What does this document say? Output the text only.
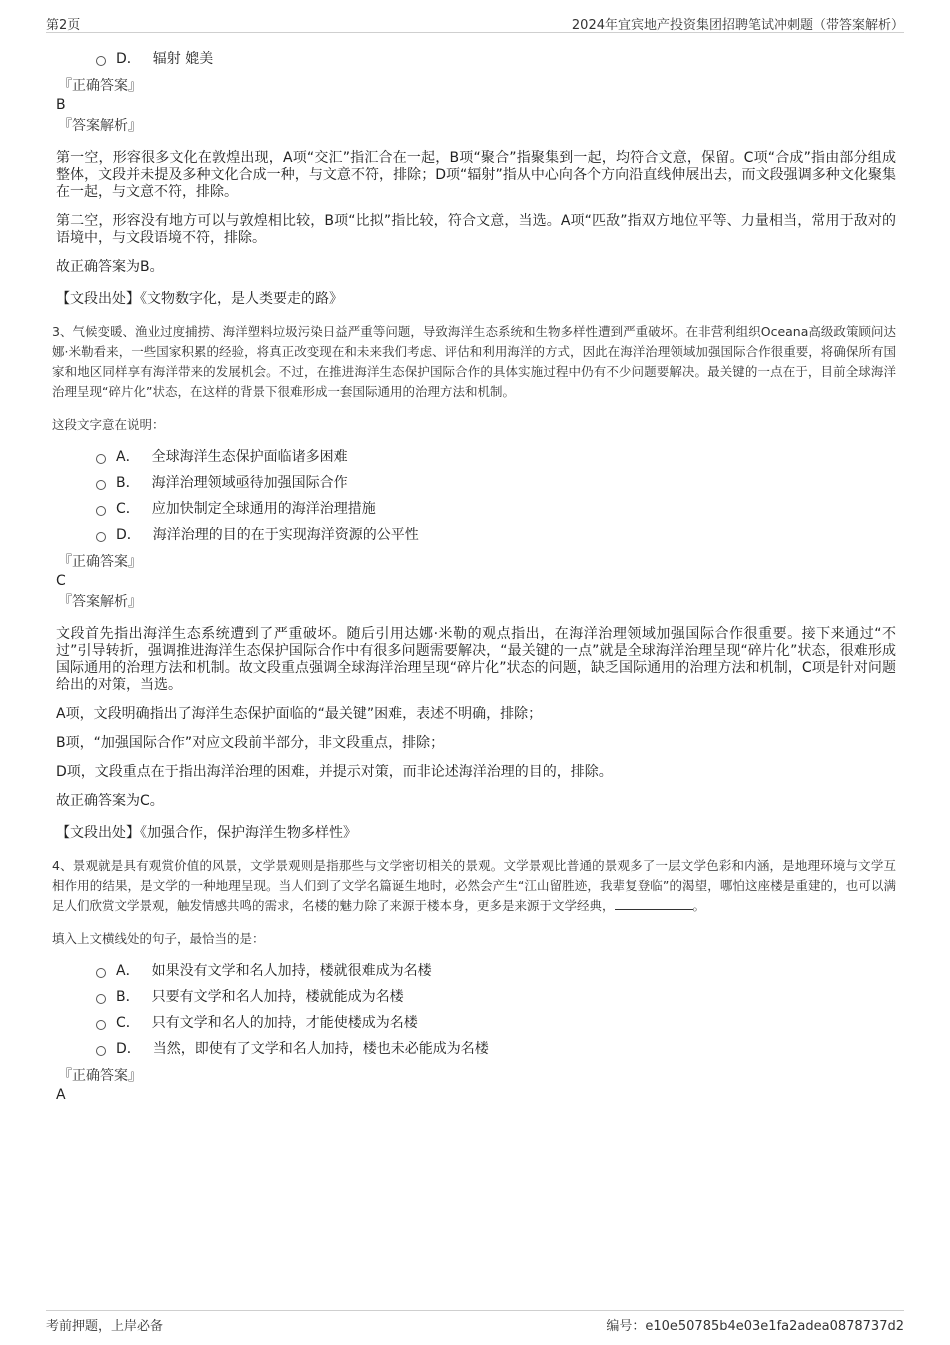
第2页	2024年宜宾地产投资集团招聘笔试冲刺题（带答案解析）
D． 辐射 媲美
『正确答案』
B
『答案解析』

第一空，形容很多文化在敦煌出现，A项“交汇”指汇合在一起，B项“聚合”指聚集到一起，均符合文意，保留。C项“合成”指由部分组成整体，文段并未提及多种文化合成一种，与文意不符，排除；D项“辐射”指从中心向各个方向沿直线伸展出去，而文段强调多种文化聚集在一起，与文意不符，排除。

第二空，形容没有地方可以与敦煌相比较，B项“比拟”指比较，符合文意，当选。A项“匹敌”指双方地位平等、力量相当，常用于敌对的语境中，与文段语境不符，排除。

故正确答案为B。

【文段出处】《文物数字化，是人类要走的路》
3、气候变暖、渔业过度捕捞、海洋塑料垃圾污染日益严重等问题，导致海洋生态系统和生物多样性遭到严重破坏。在非营利组织Oceana高级政策顾问达娜·米勒看来，一些国家积累的经验，将真正改变现在和未来我们考虑、评估和利用海洋的方式，因此在海洋治理领域加强国际合作很重要，将确保所有国家和地区同样享有海洋带来的发展机会。不过，在推进海洋生态保护国际合作的具体实施过程中仍有不少问题要解决。最关键的一点在于，目前全球海洋治理呈现“碎片化”状态，在这样的背景下很难形成一套国际通用的治理方法和机制。
这段文字意在说明：
A． 全球海洋生态保护面临诸多困难
B． 海洋治理领域亟待加强国际合作
C． 应加快制定全球通用的海洋治理措施
D． 海洋治理的目的在于实现海洋资源的公平性
『正确答案』
C
『答案解析』

文段首先指出海洋生态系统遭到了严重破坏。随后引用达娜·米勒的观点指出，在海洋治理领域加强国际合作很重要。接下来通过“不过”引导转折，强调推进海洋生态保护国际合作中有很多问题需要解决，“最关键的一点”就是全球海洋治理呈现“碎片化”状态，很难形成国际通用的治理方法和机制。故文段重点强调全球海洋治理呈现“碎片化”状态的问题，缺乏国际通用的治理方法和机制，C项是针对问题给出的对策，当选。

A项，文段明确指出了海洋生态保护面临的“最关键”困难，表述不明确，排除；

B项，“加强国际合作”对应文段前半部分，非文段重点，排除；

D项，文段重点在于指出海洋治理的困难，并提示对策，而非论述海洋治理的目的，排除。

故正确答案为C。

【文段出处】《加强合作，保护海洋生物多样性》
4、景观就是具有观赏价值的风景，文学景观则是指那些与文学密切相关的景观。文学景观比普通的景观多了一层文学色彩和内涵，是地理环境与文学互相作用的结果，是文学的一种地理呈现。当人们到了文学名篇诞生地时，必然会产生“江山留胜迹，我辈复登临”的渴望，哪怕这座楼是重建的，也可以满足人们欣赏文学景观，触发情感共鸣的需求，名楼的魅力除了来源于楼本身，更多是来源于文学经典，	。
填入上文横线处的句子，最恰当的是：
A． 如果没有文学和名人加持，楼就很难成为名楼
B． 只要有文学和名人加持，楼就能成为名楼
C． 只有文学和名人的加持，才能使楼成为名楼
D． 当然，即使有了文学和名人加持，楼也未必能成为名楼
『正确答案』
A
考前押题，上岸必备	编号：e10e50785b4e03e1fa2adea0878737d2
